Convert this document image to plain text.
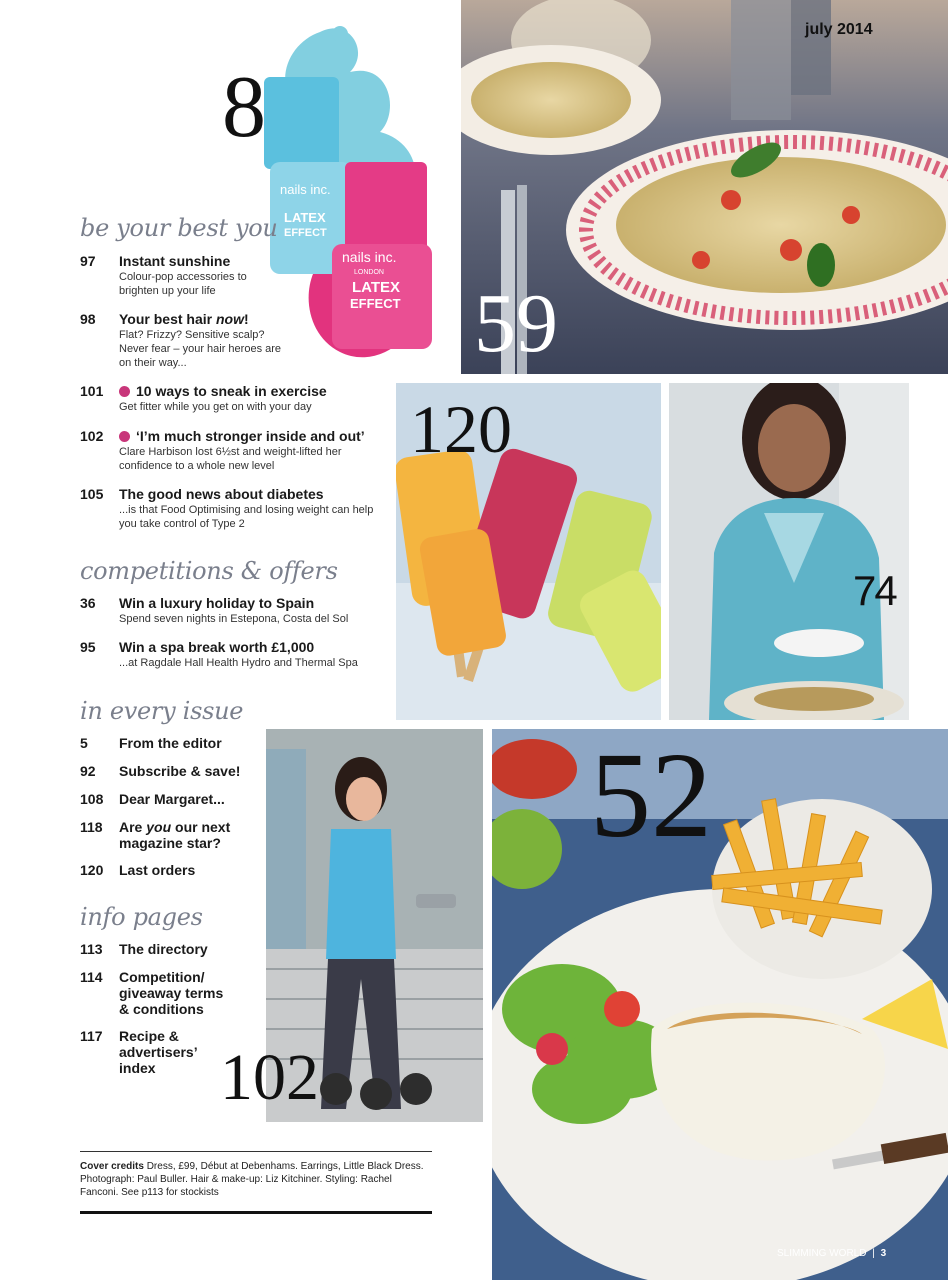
july 2014
nails inc.
LATEX
EFFECT
nails inc.
LONDON
LATEX
EFFECT
8
59
120
74
102
52
be your best you
97	Instant sunshine
Colour-pop accessories to brighten up your life
98	Your best hair now!
Flat? Frizzy? Sensitive scalp? Never fear – your hair heroes are on their way...
101	10 ways to sneak in exercise
Get fitter while you get on with your day
102	‘I’m much stronger inside and out’
Clare Harbison lost 6½st and weight-lifted her confidence to a whole new level
105	The good news about diabetes
...is that Food Optimising and losing weight can help you take control of Type 2
competitions & offers
36	Win a luxury holiday to Spain
Spend seven nights in Estepona, Costa del Sol
95	Win a spa break worth £1,000
...at Ragdale Hall Health Hydro and Thermal Spa
in every issue
5	From the editor
92	Subscribe & save!
108	Dear Margaret...
118	Are you our next magazine star?
120	Last orders
info pages
113	The directory
114	Competition/ giveaway terms & conditions
117	Recipe & advertisers’ index
Cover credits Dress, £99, Début at Debenhams. Earrings, Little Black Dress. Photograph: Paul Buller. Hair & make-up: Liz Kitchiner. Styling: Rachel Fanconi. See p113 for stockists
SLIMMING WORLD | 3
